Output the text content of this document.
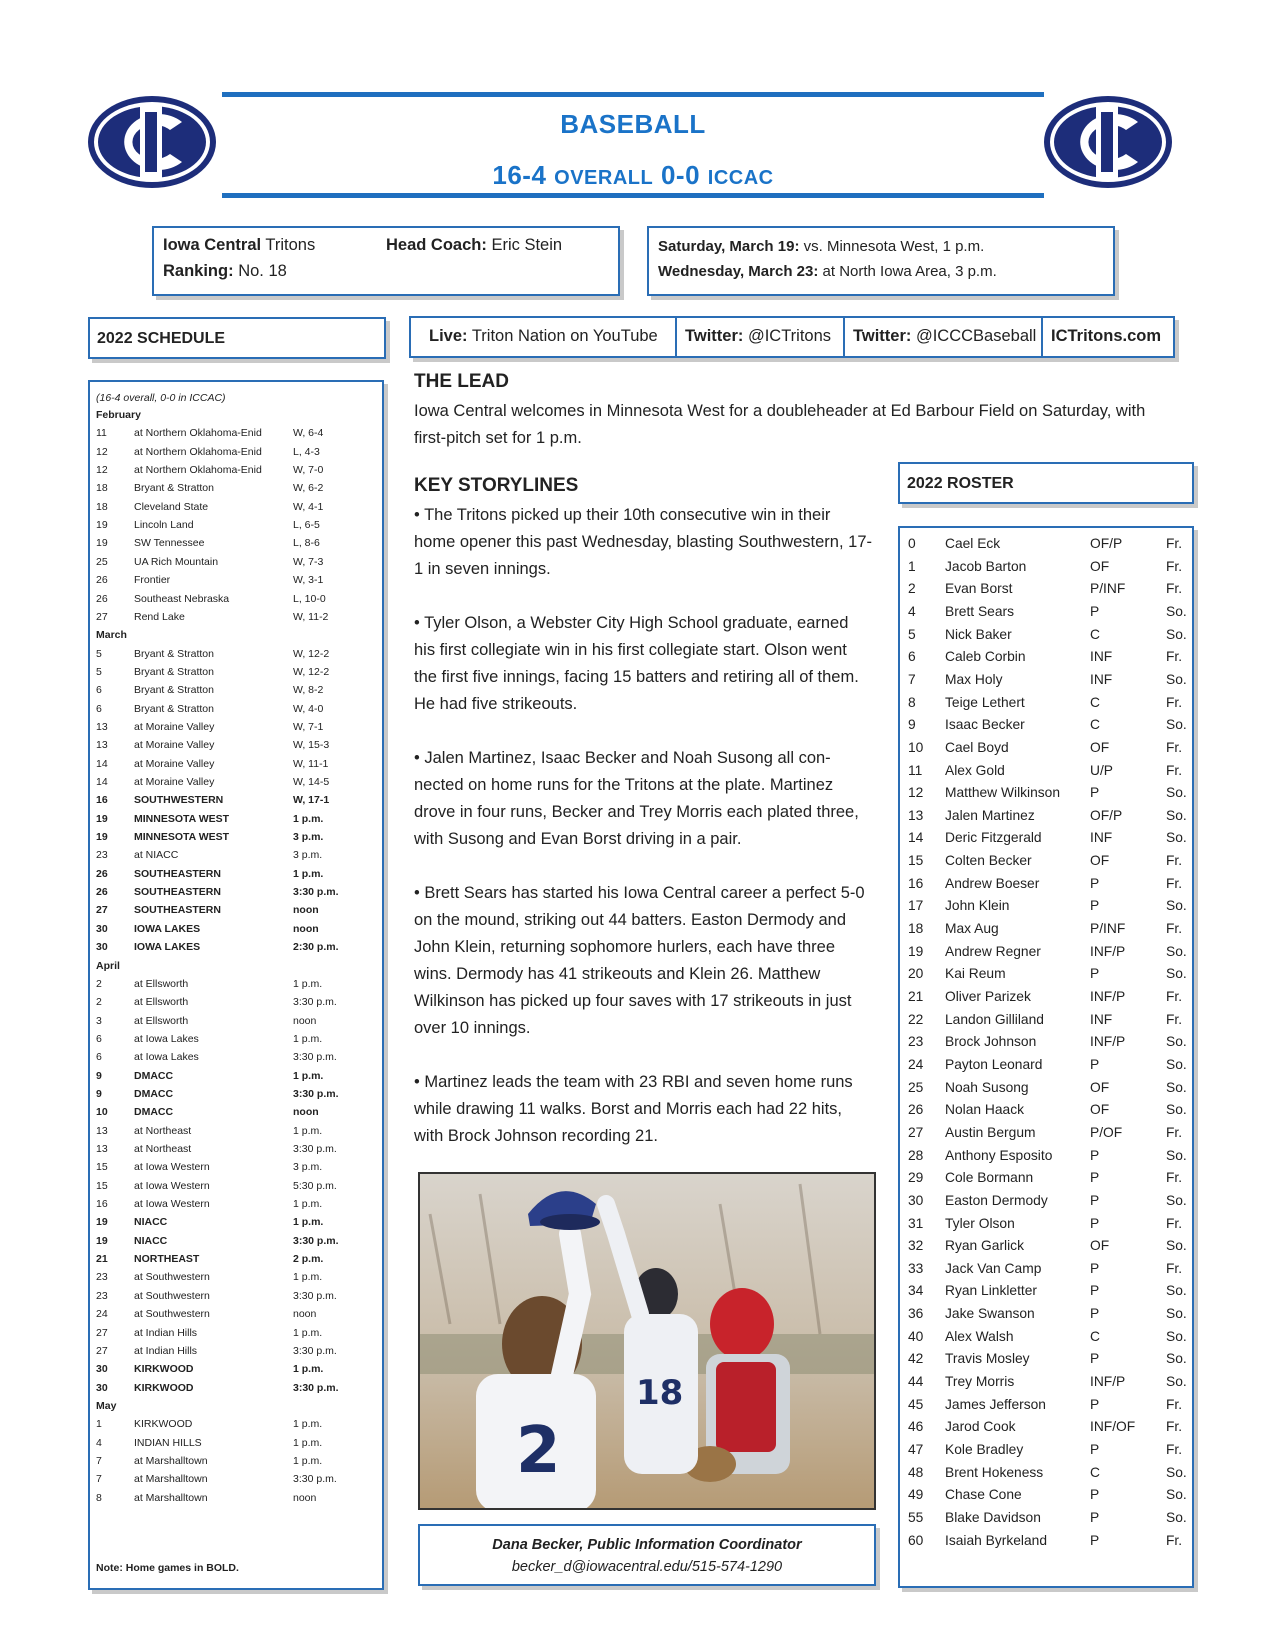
BASEBALL
16-4 OVERALL 0-0 ICCAC
Iowa Central Tritons	Head Coach: Eric Stein
Ranking: No. 18
Saturday, March 19: vs. Minnesota West, 1 p.m.
Wednesday, March 23: at North Iowa Area, 3 p.m.
2022 SCHEDULE	Live: Triton Nation on YouTube	Twitter: @ICTritons	Twitter: @ICCCBaseball ICTritons.com
(16-4 overall, 0-0 in ICCAC)
Note: Home games in BOLD.
February
11	at Northern Oklahoma-Enid	W, 6-4
12	at Northern Oklahoma-Enid	L, 4-3
12	at Northern Oklahoma-Enid	W, 7-0
18	Bryant & Stratton	W, 6-2
18	Cleveland State	W, 4-1
19	Lincoln Land	L, 6-5
19	SW Tennessee	L, 8-6
25	UA Rich Mountain	W, 7-3
26	Frontier	W, 3-1
26	Southeast Nebraska	L, 10-0
27	Rend Lake	W, 11-2
March
5	Bryant & Stratton	W, 12-2
5	Bryant & Stratton	W, 12-2
6	Bryant & Stratton	W, 8-2
6	Bryant & Stratton	W, 4-0
13	at Moraine Valley	W, 7-1
13	at Moraine Valley	W, 15-3
14	at Moraine Valley	W, 11-1
14	at Moraine Valley	W, 14-5
16	SOUTHWESTERN	W, 17-1
19	MINNESOTA WEST	1 p.m.
19	MINNESOTA WEST	3 p.m.
23	at NIACC	3 p.m.
26	SOUTHEASTERN	1 p.m.
26	SOUTHEASTERN	3:30 p.m.
27	SOUTHEASTERN	noon
30	IOWA LAKES	noon
30	IOWA LAKES	2:30 p.m.
April
2	at Ellsworth	1 p.m.
2	at Ellsworth	3:30 p.m.
3	at Ellsworth	noon
6	at Iowa Lakes	1 p.m.
6	at Iowa Lakes	3:30 p.m.
9	DMACC	1 p.m.
9	DMACC	3:30 p.m.
10	DMACC	noon
13	at Northeast	1 p.m.
13	at Northeast	3:30 p.m.
15	at Iowa Western	3 p.m.
15	at Iowa Western	5:30 p.m.
16	at Iowa Western	1 p.m.
19	NIACC	1 p.m.
19	NIACC	3:30 p.m.
21	NORTHEAST	2 p.m.
23	at Southwestern	1 p.m.
23	at Southwestern	3:30 p.m.
24	at Southwestern	noon
27	at Indian Hills	1 p.m.
27	at Indian Hills	3:30 p.m.
30	KIRKWOOD	1 p.m.
30	KIRKWOOD	3:30 p.m.
May
1	KIRKWOOD	1 p.m.
4	INDIAN HILLS	1 p.m.
7	at Marshalltown	1 p.m.
7	at Marshalltown	3:30 p.m.
8	at Marshalltown	noon
THE LEAD

Iowa Central welcomes in Minnesota West for a doubleheader at Ed Barbour Field on Saturday, with first-pitch set for 1 p.m.

KEY STORYLINES

• The Tritons picked up their 10th consecutive win in their home opener this past Wednesday, blasting Southwestern, 17-1 in seven innings.

• Tyler Olson, a Webster City High School graduate, earned his first collegiate win in his first collegiate start. Olson went the first five innings, facing 15 batters and retiring all of them. He had five strikeouts.

• Jalen Martinez, Isaac Becker and Noah Susong all con-nected on home runs for the Tritons at the plate. Martinez drove in four runs, Becker and Trey Morris each plated three, with Susong and Evan Borst driving in a pair.

• Brett Sears has started his Iowa Central career a perfect 5-0 on the mound, striking out 44 batters. Easton Dermody and John Klein, returning sophomore hurlers, each have three wins. Dermody has 41 strikeouts and Klein 26. Matthew Wilkinson has picked up four saves with 17 strikeouts in just over 10 innings.

• Martinez leads the team with 23 RBI and seven home runs while drawing 11 walks. Borst and Morris each had 22 hits, with Brock Johnson recording 21.

18
2
Dana Becker, Public Information Coordinator
becker_d@iowacentral.edu/515-574-1290
2022 ROSTER
0 Cael Eck	OF/P	Fr.
1 Jacob Barton	OF	Fr.
2 Evan Borst	P/INF	Fr.
4 Brett Sears	P	So.
5 Nick Baker	C	So.
6 Caleb Corbin	INF	Fr.
7 Max Holy	INF	So.
8 Teige Lethert	C	Fr.
9 Isaac Becker	C	So.
10 Cael Boyd	OF	Fr.
11 Alex Gold	U/P	Fr.
12 Matthew Wilkinson P	So.
13 Jalen Martinez	OF/P	So.
14 Deric Fitzgerald	INF	So.
15 Colten Becker	OF	Fr.
16 Andrew Boeser	P	Fr.
17 John Klein	P	So.
18 Max Aug	P/INF	Fr.
19 Andrew Regner	INF/P	So.
20 Kai Reum	P	So.
21 Oliver Parizek	INF/P	Fr.
22 Landon Gilliland	INF	Fr.
23 Brock Johnson	INF/P	So.
24 Payton Leonard	P	So.
25 Noah Susong	OF	So.
26 Nolan Haack	OF	So.
27 Austin Bergum	P/OF	Fr.
28 Anthony Esposito	P	So.
29 Cole Bormann	P	Fr.
30 Easton Dermody	P	So.
31 Tyler Olson	P	Fr.
32 Ryan Garlick	OF	So.
33 Jack Van Camp	P	Fr.
34 Ryan Linkletter	P	So.
36 Jake Swanson	P	So.
40 Alex Walsh	C	So.
42 Travis Mosley	P	So.
44 Trey Morris	INF/P	So.
45 James Jefferson	P	Fr.
46 Jarod Cook	INF/OF Fr.
47 Kole Bradley	P	Fr.
48 Brent Hokeness	C	So.
49 Chase Cone	P	So.
55 Blake Davidson	P	So.
60 Isaiah Byrkeland	P	Fr.
